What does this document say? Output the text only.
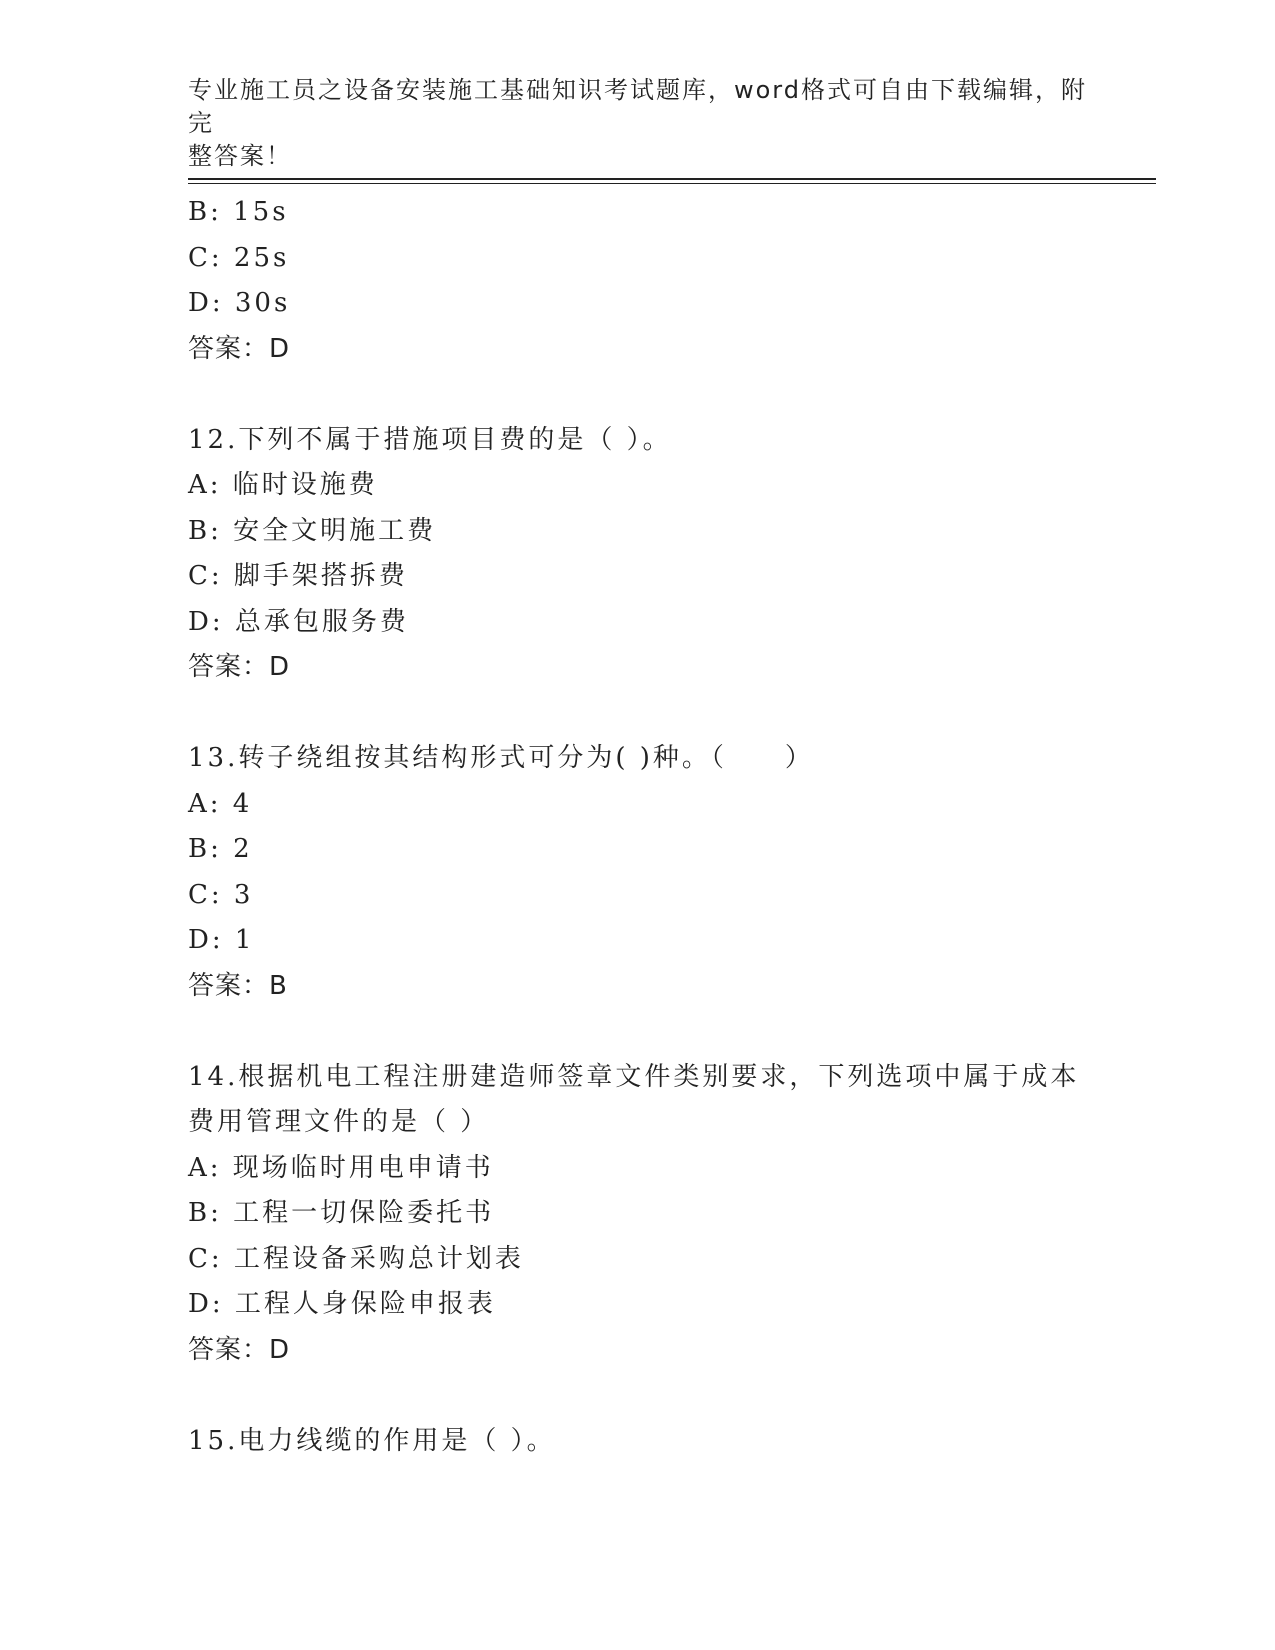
专业施工员之设备安装施工基础知识考试题库，word格式可自由下载编辑，附完
整答案！
B: 15s
C: 25s
D: 30s
答案：D
12.下列不属于措施项目费的是（ ）。
A: 临时设施费
B: 安全文明施工费
C: 脚手架搭拆费
D: 总承包服务费
答案：D
13.转子绕组按其结构形式可分为( )种。（　　）
A: 4
B: 2
C: 3
D: 1
答案：B
14.根据机电工程注册建造师签章文件类别要求，下列选项中属于成本
费用管理文件的是（ ）
A: 现场临时用电申请书
B: 工程一切保险委托书
C: 工程设备采购总计划表
D: 工程人身保险申报表
答案：D
15.电力线缆的作用是（ ）。
